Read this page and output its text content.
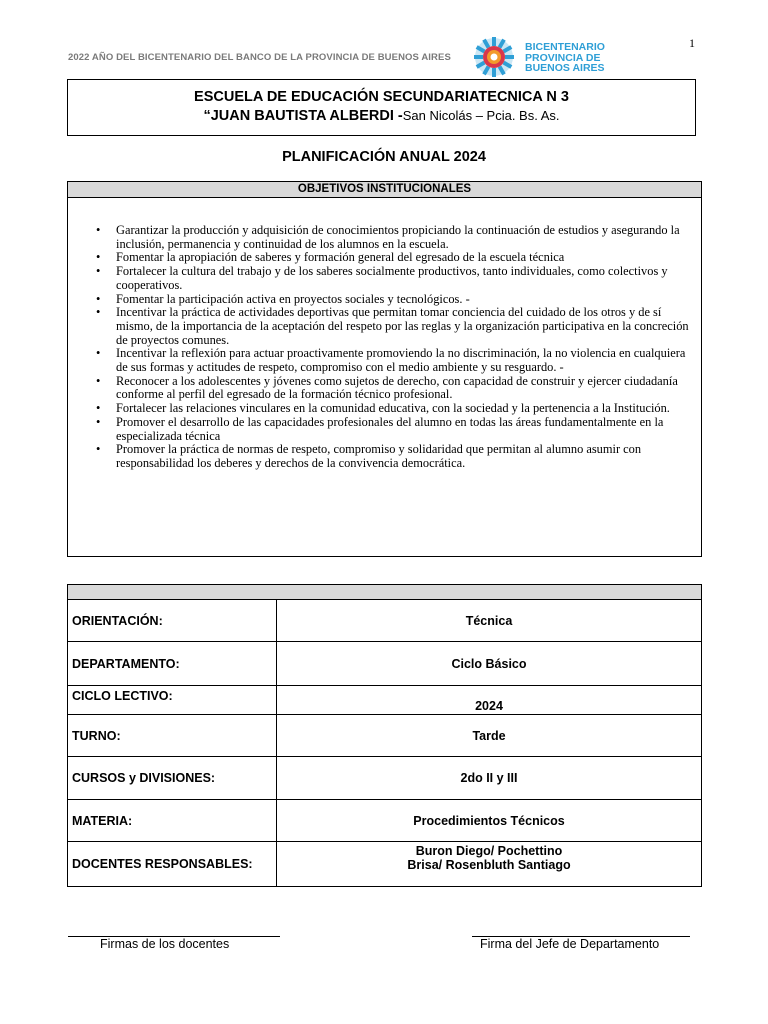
1
2022 AÑO DEL BICENTENARIO DEL BANCO DE LA PROVINCIA DE BUENOS AIRES
BICENTENARIO
PROVINCIA DE
BUENOS AIRES
ESCUELA DE EDUCACIÓN SECUNDARIATECNICA N 3
“JUAN BAUTISTA ALBERDI -San Nicolás – Pcia. Bs. As.
PLANIFICACIÓN ANUAL 2024
OBJETIVOS INSTITUCIONALES
• Garantizar la producción y adquisición de conocimientos propiciando la continuación de estudios y asegurando la inclusión, permanencia y continuidad de los alumnos en la escuela.
• Fomentar la apropiación de saberes y formación general del egresado de la escuela técnica
• Fortalecer la cultura del trabajo y de los saberes socialmente productivos, tanto individuales, como colectivos y cooperativos.
• Fomentar la participación activa en proyectos sociales y tecnológicos. -
• Incentivar la práctica de actividades deportivas que permitan tomar conciencia del cuidado de los otros y de sí mismo, de la importancia de la aceptación del respeto por las reglas y la organización participativa en la concreción de proyectos comunes.
• Incentivar la reflexión para actuar proactivamente promoviendo la no discriminación, la no violencia en cualquiera de sus formas y actitudes de respeto, compromiso con el medio ambiente y su resguardo. -
• Reconocer a los adolescentes y jóvenes como sujetos de derecho, con capacidad de construir y ejercer ciudadanía conforme al perfil del egresado de la formación técnico profesional.
• Fortalecer las relaciones vinculares en la comunidad educativa, con la sociedad y la pertenencia a la Institución.
• Promover el desarrollo de las capacidades profesionales del alumno en todas las áreas fundamentalmente en la especializada técnica
• Promover la práctica de normas de respeto, compromiso y solidaridad que permitan al alumno asumir con responsabilidad los deberes y derechos de la convivencia democrática.

ORIENTACIÓN:	Técnica
DEPARTAMENTO:	Ciclo Básico
CICLO LECTIVO:	2024
TURNO:	Tarde
CURSOS y DIVISIONES:	2do II y III
MATERIA:	Procedimientos Técnicos
DOCENTES RESPONSABLES:	Buron Diego/ Pochettino
Brisa/ Rosenbluth Santiago
Firmas de los docentes	Firma del Jefe de Departamento
